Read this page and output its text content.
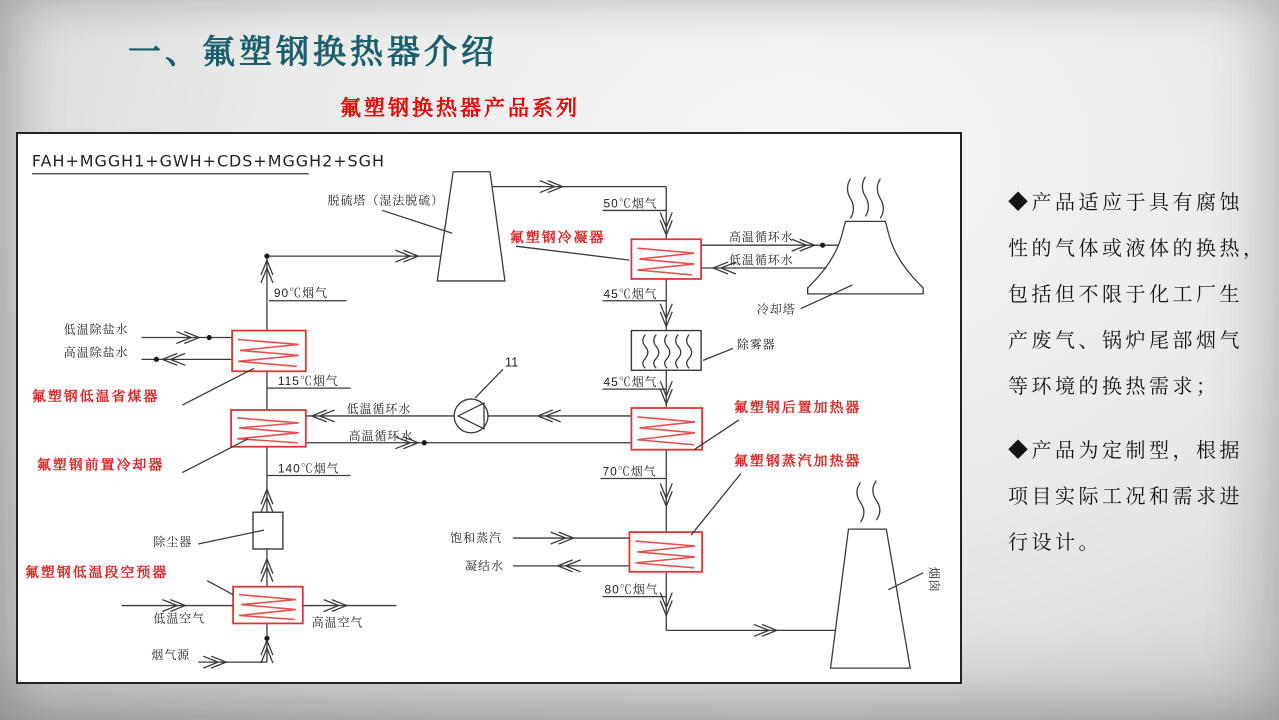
一、氟塑钢换热器介绍
氟塑钢换热器产品系列
FAH+MGGH1+GWH+CDS+MGGH2+SGH
脱硫塔（湿法脱硫）
冷却塔
烟囱
氟塑钢冷凝器
除雾器
氟塑钢后置加热器
氟塑钢蒸汽加热器
氟塑钢低温省煤器
氟塑钢前置冷却器
除尘器
氟塑钢低温段空预器
11
90℃烟气
50℃烟气
45℃烟气
45℃烟气
115℃烟气
140℃烟气	70℃烟气
80℃烟气
高温循环水
低温循环水
低温循环水
高温循环水
低温除盐水
高温除盐水
饱和蒸汽
凝结水
低温空气	高温空气
烟气源
◆产品适应于具有腐蚀
性的气体或液体的换热，
包括但不限于化工厂生
产废气、锅炉尾部烟气
等环境的换热需求；
◆产品为定制型，根据
项目实际工况和需求进
行设计。
